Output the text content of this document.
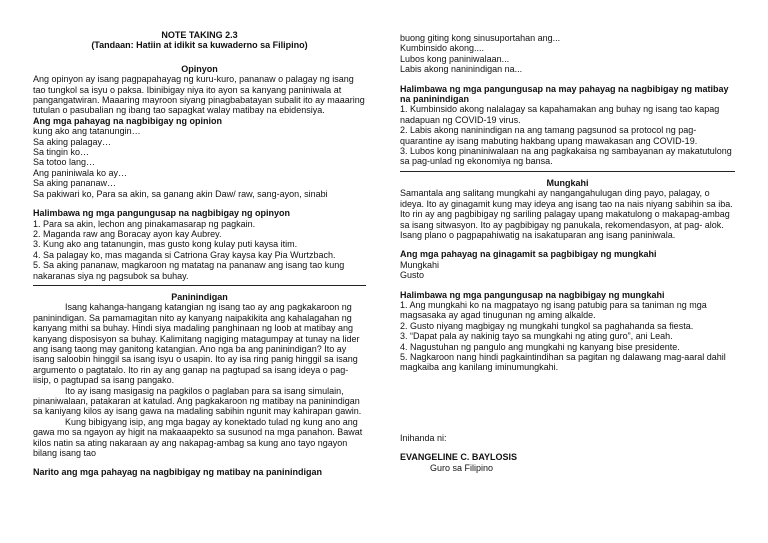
NOTE TAKING 2.3
(Tandaan: Hatiin at idikit sa kuwaderno sa Filipino)
Opinyon

Ang opinyon ay isang pagpapahayag ng kuru-kuro, pananaw o palagay ng isang tao tungkol sa isyu o paksa. Ibinibigay niya ito ayon sa kanyang paniniwala at pangangatwiran. Maaaring mayroon siyang pinagbabatayan subalit ito ay maaaring tutulan o pasubalian ng ibang tao sapagkat walay matibay na ebidensiya.

Ang mga pahayag na nagbibigay ng opinion

kung ako ang tatanungin…

Sa aking palagay…

Sa tingin ko…

Sa totoo lang…

Ang paniniwala ko ay…

Sa aking pananaw…

Sa pakiwari ko, Para sa akin, sa ganang akin Daw/ raw, sang-ayon, sinabi

Halimbawa ng mga pangungusap na nagbibigay ng opinyon

1. Para sa akin, lechon ang pinakamasarap ng pagkain.

2. Maganda raw ang Boracay ayon kay Aubrey.

3. Kung ako ang tatanungin, mas gusto kong kulay puti kaysa itim.

4. Sa palagay ko, mas maganda si Catriona Gray kaysa kay Pia Wurtzbach.

5. Sa aking pananaw, magkaroon ng matatag na pananaw ang isang tao kung nakaranas siya ng pagsubok sa buhay.

Paninindigan

Isang kahanga-hangang katangian ng isang tao ay ang pagkakaroon ng paninindigan. Sa pamamagitan nito ay kanyang naipakikita ang kahalagahan ng kanyang mithi sa buhay. Hindi siya madaling panghinaan ng loob at matibay ang kanyang disposisyon sa buhay. Kalimitang nagiging matagumpay at tunay na lider ang isang taong may ganitong katangian. Ano nga ba ang paninindigan? Ito ay isang saloobin hinggil sa isang isyu o usapin. Ito ay isa ring panig hinggil sa isang argumento o pagtatalo. Ito rin ay ang ganap na pagtupad sa isang ideya o pag-iisip, o pagtupad sa isang pangako.

Ito ay isang masigasig na pagkilos o paglaban para sa isang simulain, pinaniwalaan, patakaran at katulad. Ang pagkakaroon ng matibay na paninindigan sa kaniyang kilos ay isang gawa na madaling sabihin ngunit may kahirapan gawin.

Kung bibigyang isip, ang mga bagay ay konektado tulad ng kung ano ang gawa mo sa ngayon ay higit na makaaapekto sa susunod na mga panahon. Bawat kilos natin sa ating nakaraan ay ang nakapag-ambag sa kung ano tayo ngayon bilang isang tao

Narito ang mga pahayag na nagbibigay ng matibay na paninindigan

buong giting kong sinusuportahan ang...

Kumbinsido akong....

Lubos kong paniniwalaan...

Labis akong naninindigan na...

Halimbawa ng mga pangungusap na may pahayag na nagbibigay ng matibay na paninindigan

1. Kumbinsido akong nalalagay sa kapahamakan ang buhay ng isang tao kapag nadapuan ng COVID-19 virus.

2. Labis akong naninindigan na ang tamang pagsunod sa protocol ng pag-quarantine ay isang mabuting hakbang upang mawakasan ang COVID-19.

3. Lubos kong pinaniniwalaan na ang pagkakaisa ng sambayanan ay makatutulong sa pag-unlad ng ekonomiya ng bansa.

Mungkahi

Samantala ang salitang mungkahi ay nangangahulugan ding payo, palagay, o ideya. Ito ay ginagamit kung may ideya ang isang tao na nais niyang sabihin sa iba. Ito rin ay ang pagbibigay ng sariling palagay upang makatulong o makapag-ambag sa isang sitwasyon. Ito ay pagbibigay ng panukala, rekomendasyon, at pag- alok. Isang plano o pagpapahiwatig na isakatuparan ang isang paniniwala.

Ang mga pahayag na ginagamit sa pagbibigay ng mungkahi

Mungkahi

Gusto

Halimbawa ng mga pangungusap na nagbibigay ng mungkahi

1. Ang mungkahi ko na magpatayo ng isang patubig para sa taniman ng mga magsasaka ay agad tinugunan ng aming alkalde.

2. Gusto niyang magbigay ng mungkahi tungkol sa paghahanda sa fiesta.

3. “Dapat pala ay nakinig tayo sa mungkahi ng ating guro”, ani Leah.

4. Nagustuhan ng pangulo ang mungkahi ng kanyang bise presidente.

5. Nagkaroon nang hindi pagkaintindihan sa pagitan ng dalawang mag-aaral dahil magkaiba ang kanilang iminumungkahi.

Inihanda ni:

EVANGELINE C. BAYLOSIS

Guro sa Filipino
